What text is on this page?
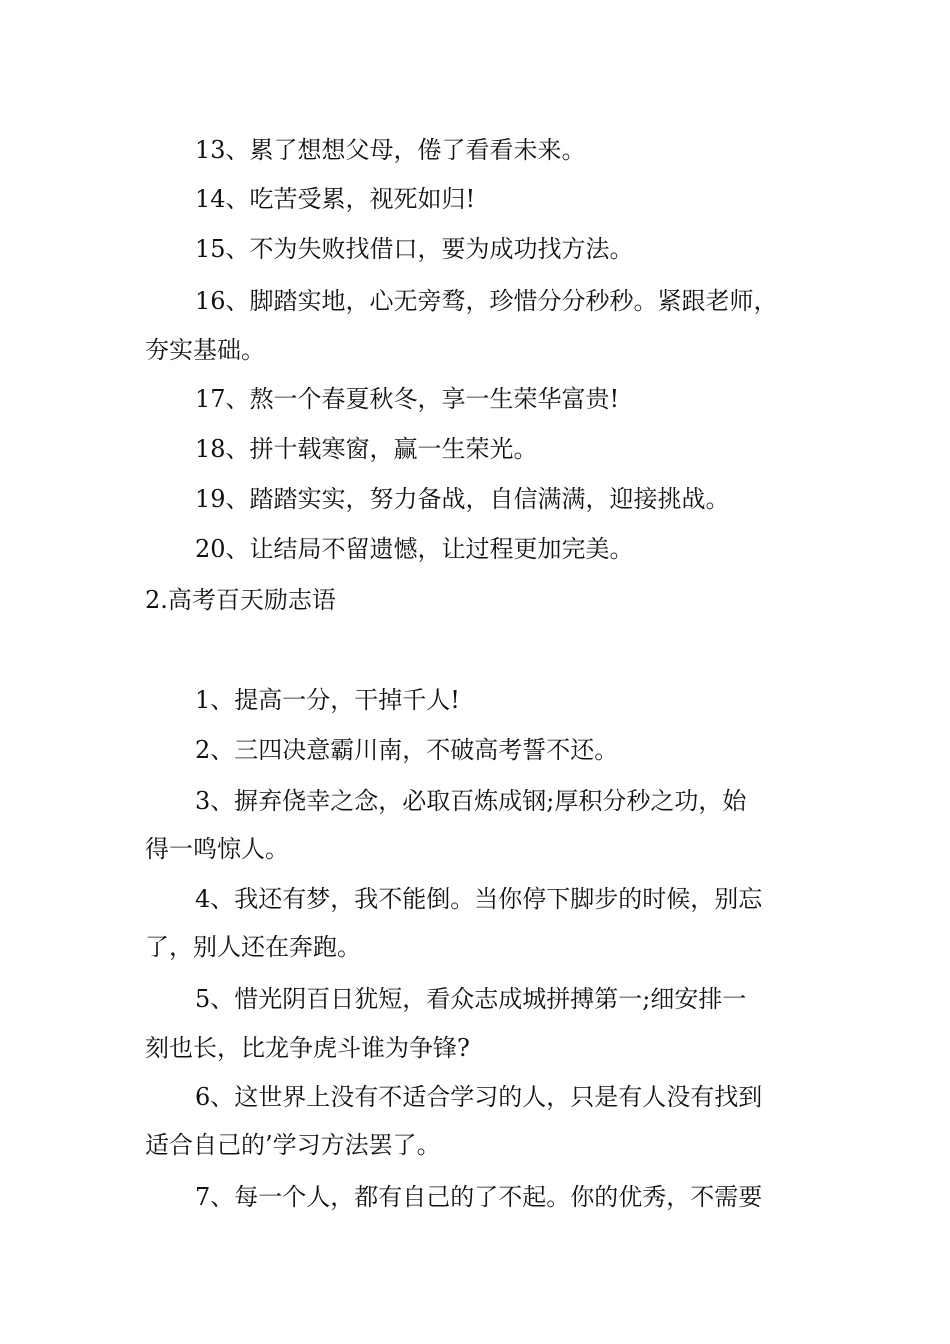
13、累了想想父母，倦了看看未来。
14、吃苦受累，视死如归!
15、不为失败找借口，要为成功找方法。
16、脚踏实地，心无旁骛，珍惜分分秒秒。紧跟老师，
夯实基础。
17、熬一个春夏秋冬，享一生荣华富贵!
18、拼十载寒窗，赢一生荣光。
19、踏踏实实，努力备战，自信满满，迎接挑战。
20、让结局不留遗憾，让过程更加完美。
2.高考百天励志语
1、提高一分，干掉千人!
2、三四决意霸川南，不破高考誓不还。
3、摒弃侥幸之念，必取百炼成钢;厚积分秒之功，始
得一鸣惊人。
4、我还有梦，我不能倒。当你停下脚步的时候，别忘
了，别人还在奔跑。
5、惜光阴百日犹短，看众志成城拼搏第一;细安排一
刻也长，比龙争虎斗谁为争锋?
6、这世界上没有不适合学习的人，只是有人没有找到
适合自己的’学习方法罢了。
7、每一个人，都有自己的了不起。你的优秀，不需要
